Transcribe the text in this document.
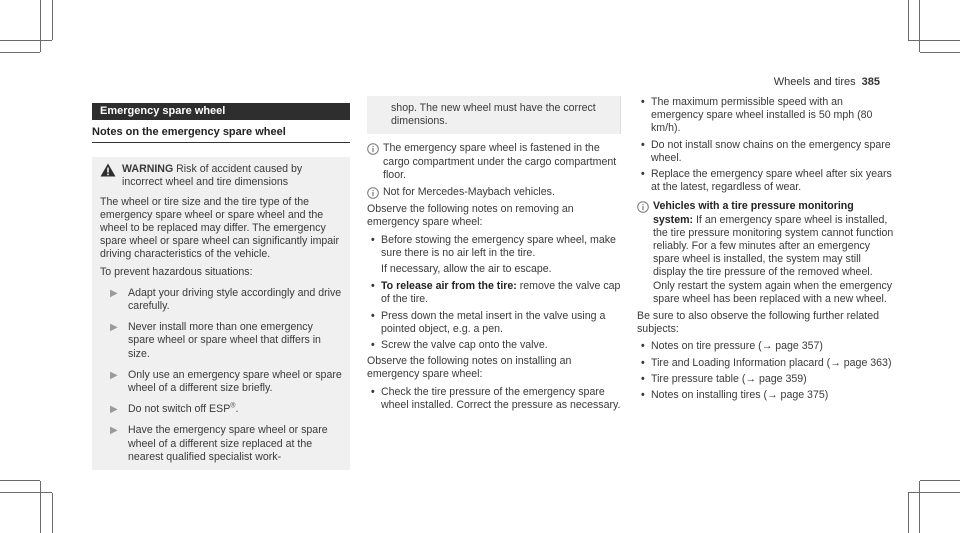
Wheels and tires 385
Emergency spare wheel
Notes on the emergency spare wheel
WARNING Risk of accident caused by incorrect wheel and tire dimensions

The wheel or tire size and the tire type of the emergency spare wheel or spare wheel and the wheel to be replaced may differ. The emergency spare wheel or spare wheel can significantly impair driving characteristics of the vehicle.

To prevent hazardous situations:

▶ Adapt your driving style accordingly and drive carefully.
▶ Never install more than one emergency spare wheel or spare wheel that differs in size.
▶ Only use an emergency spare wheel or spare wheel of a different size briefly.
▶ Do not switch off ESP®.
▶ Have the emergency spare wheel or spare wheel of a different size replaced at the nearest qualified specialist work-
shop. The new wheel must have the correct dimensions.
The emergency spare wheel is fastened in the cargo compartment under the cargo compartment floor.
Not for Mercedes-Maybach vehicles.

Observe the following notes on removing an emergency spare wheel:

• Before stowing the emergency spare wheel, make sure there is no air left in the tire.

If necessary, allow the air to escape.

• To release air from the tire: remove the valve cap of the tire.
• Press down the metal insert in the valve using a pointed object, e.g. a pen.
• Screw the valve cap onto the valve.

Observe the following notes on installing an emergency spare wheel:

• Check the tire pressure of the emergency spare wheel installed. Correct the pressure as necessary.
• The maximum permissible speed with an emergency spare wheel installed is 50 mph (80 km/h).
• Do not install snow chains on the emergency spare wheel.
• Replace the emergency spare wheel after six years at the latest, regardless of wear.
Vehicles with a tire pressure monitoring system: If an emergency spare wheel is installed, the tire pressure monitoring system cannot function reliably. For a few minutes after an emergency spare wheel is installed, the system may still display the tire pressure of the removed wheel. Only restart the system again when the emergency spare wheel has been replaced with a new wheel.

Be sure to also observe the following further related subjects:

• Notes on tire pressure (→ page 357)
• Tire and Loading Information placard (→ page 363)
• Tire pressure table (→ page 359)
• Notes on installing tires (→ page 375)
